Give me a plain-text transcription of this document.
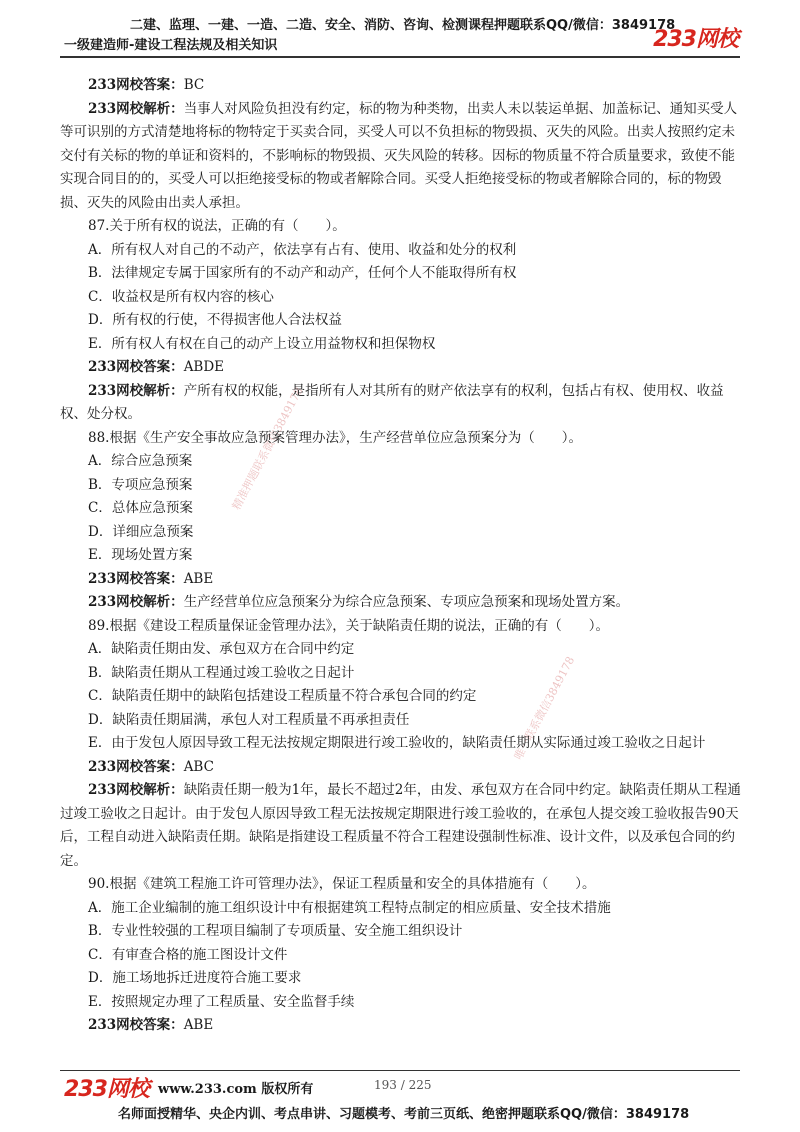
二建、监理、一建、一造、二造、安全、消防、咨询、检测课程押题联系QQ/微信：3849178
一级建造师-建设工程法规及相关知识	233网校
精准押题联系微信3849178
唯一联系微信3849178

233网校答案：BC

233网校解析：当事人对风险负担没有约定，标的物为种类物，出卖人未以装运单据、加盖标记、通知买受人等可识别的方式清楚地将标的物特定于买卖合同，买受人可以不负担标的物毁损、灭失的风险。出卖人按照约定未交付有关标的物的单证和资料的，不影响标的物毁损、灭失风险的转移。因标的物质量不符合质量要求，致使不能实现合同目的的，买受人可以拒绝接受标的物或者解除合同。买受人拒绝接受标的物或者解除合同的，标的物毁损、灭失的风险由出卖人承担。

87.关于所有权的说法，正确的有（　　）。

A．所有权人对自己的不动产，依法享有占有、使用、收益和处分的权利

B．法律规定专属于国家所有的不动产和动产，任何个人不能取得所有权

C．收益权是所有权内容的核心

D．所有权的行使，不得损害他人合法权益

E．所有权人有权在自己的动产上设立用益物权和担保物权

233网校答案：ABDE

233网校解析：产所有权的权能，是指所有人对其所有的财产依法享有的权利，包括占有权、使用权、收益权、处分权。

88.根据《生产安全事故应急预案管理办法》，生产经营单位应急预案分为（　　）。

A．综合应急预案

B．专项应急预案

C．总体应急预案

D．详细应急预案

E．现场处置方案

233网校答案：ABE

233网校解析：生产经营单位应急预案分为综合应急预案、专项应急预案和现场处置方案。

89.根据《建设工程质量保证金管理办法》，关于缺陷责任期的说法，正确的有（　　）。

A．缺陷责任期由发、承包双方在合同中约定

B．缺陷责任期从工程通过竣工验收之日起计

C．缺陷责任期中的缺陷包括建设工程质量不符合承包合同的约定

D．缺陷责任期届满，承包人对工程质量不再承担责任

E．由于发包人原因导致工程无法按规定期限进行竣工验收的，缺陷责任期从实际通过竣工验收之日起计

233网校答案：ABC

233网校解析：缺陷责任期一般为1年，最长不超过2年，由发、承包双方在合同中约定。缺陷责任期从工程通过竣工验收之日起计。由于发包人原因导致工程无法按规定期限进行竣工验收的，在承包人提交竣工验收报告90天后，工程自动进入缺陷责任期。缺陷是指建设工程质量不符合工程建设强制性标准、设计文件，以及承包合同的约定。

90.根据《建筑工程施工许可管理办法》，保证工程质量和安全的具体措施有（　　）。

A．施工企业编制的施工组织设计中有根据建筑工程特点制定的相应质量、安全技术措施

B．专业性较强的工程项目编制了专项质量、安全施工组织设计

C．有审查合格的施工图设计文件

D．施工场地拆迁进度符合施工要求

E．按照规定办理了工程质量、安全监督手续

233网校答案：ABE

233网校 www.233.com 版权所有	193 / 225
名师面授精华、央企内训、考点串讲、习题模考、考前三页纸、绝密押题联系QQ/微信：3849178
